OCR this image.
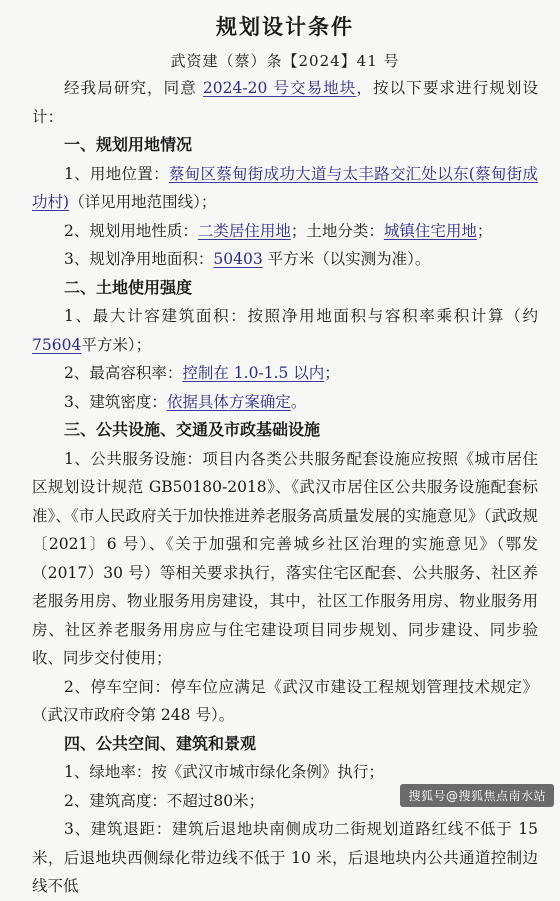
规划设计条件
武资建（蔡）条【2024】41 号

经我局研究，同意 2024-20 号交易地块，按以下要求进行规划设计：

一、规划用地情况

1、用地位置：蔡甸区蔡甸街成功大道与太丰路交汇处以东(蔡甸街成功村)（详见用地范围线）；

2、规划用地性质：二类居住用地；土地分类：城镇住宅用地；

3、规划净用地面积：50403 平方米（以实测为准）。

二、土地使用强度

1、最大计容建筑面积：按照净用地面积与容积率乘积计算（约 75604平方米）；

2、最高容积率：控制在 1.0-1.5 以内；

3、建筑密度：依据具体方案确定。

三、公共设施、交通及市政基础设施

1、公共服务设施：项目内各类公共服务配套设施应按照《城市居住区规划设计规范 GB50180-2018》、《武汉市居住区公共服务设施配套标准》、《市人民政府关于加快推进养老服务高质量发展的实施意见》（武政规〔2021〕6 号）、《关于加强和完善城乡社区治理的实施意见》（鄂发（2017）30 号）等相关要求执行，落实住宅区配套、公共服务、社区养老服务用房、物业服务用房建设，其中，社区工作服务用房、物业服务用房、社区养老服务用房应与住宅建设项目同步规划、同步建设、同步验收、同步交付使用；

2、停车空间：停车位应满足《武汉市建设工程规划管理技术规定》（武汉市政府令第 248 号）。

四、公共空间、建筑和景观

1、绿地率：按《武汉市城市绿化条例》执行；

2、建筑高度：不超过80米；

3、建筑退距：建筑后退地块南侧成功二街规划道路红线不低于 15 米，后退地块西侧绿化带边线不低于 10 米，后退地块内公共通道控制边线不低

搜狐号@搜狐焦点南水站
